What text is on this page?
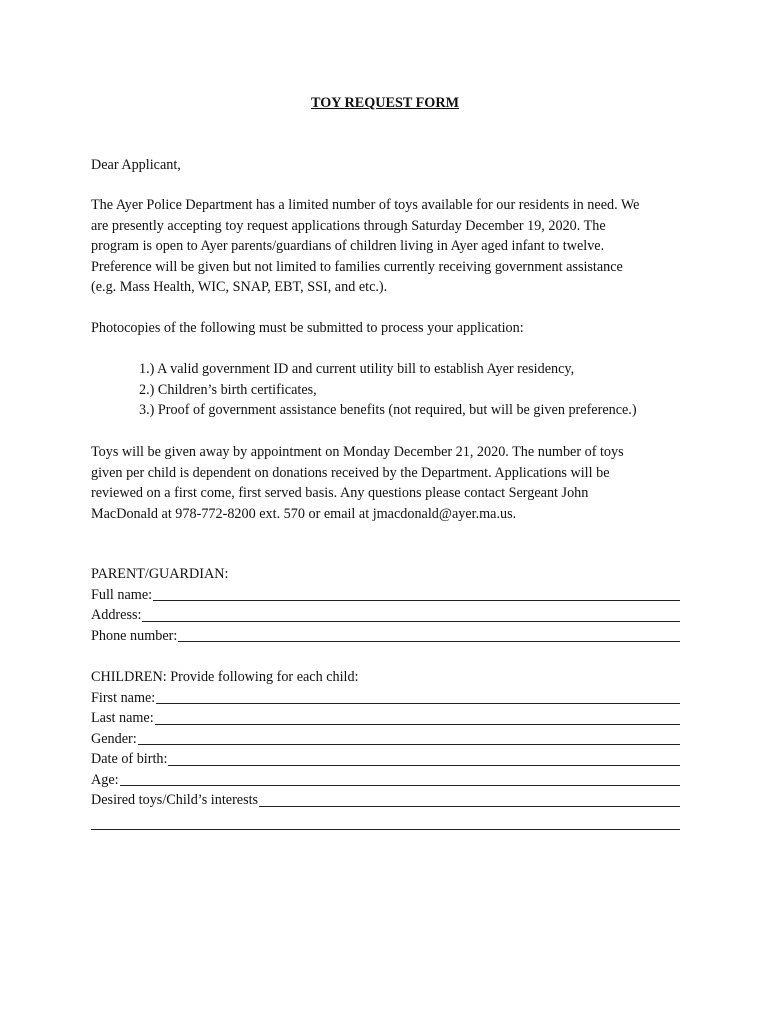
TOY REQUEST FORM
Dear Applicant,
The Ayer Police Department has a limited number of toys available for our residents in need. We
are presently accepting toy request applications through Saturday December 19, 2020. The
program is open to Ayer parents/guardians of children living in Ayer aged infant to twelve.
Preference will be given but not limited to families currently receiving government assistance
(e.g. Mass Health, WIC, SNAP, EBT, SSI, and etc.).
Photocopies of the following must be submitted to process your application:
1.) A valid government ID and current utility bill to establish Ayer residency,
2.) Children’s birth certificates,
3.) Proof of government assistance benefits (not required, but will be given preference.)
Toys will be given away by appointment on Monday December 21, 2020. The number of toys
given per child is dependent on donations received by the Department. Applications will be
reviewed on a first come, first served basis. Any questions please contact Sergeant John
MacDonald at 978-772-8200 ext. 570 or email at jmacdonald@ayer.ma.us.
PARENT/GUARDIAN:
Full name:
Address:
Phone number:
CHILDREN: Provide following for each child:
First name:
Last name:
Gender:
Date of birth:
Age:
Desired toys/Child’s interests
